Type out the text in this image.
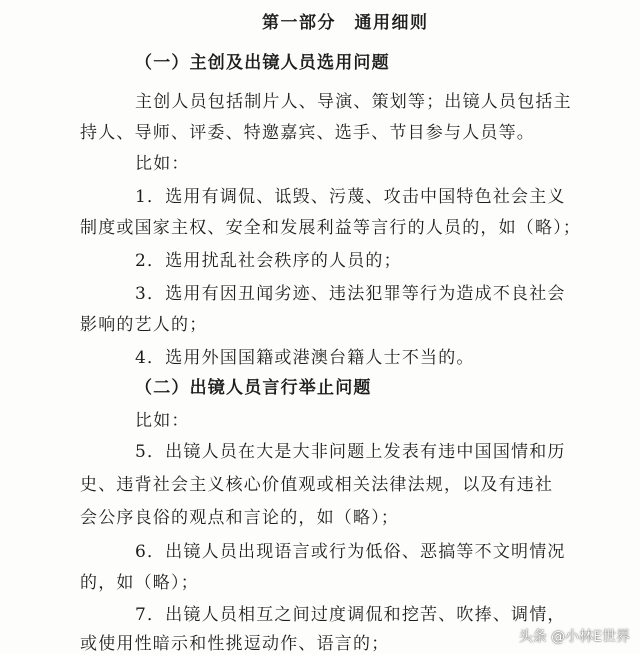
第一部分　通用细则
（一）主创及出镜人员选用问题
主创人员包括制片人、导演、策划等；出镜人员包括主
持人、导师、评委、特邀嘉宾、选手、节目参与人员等。
比如：
1．选用有调侃、诋毁、污蔑、攻击中国特色社会主义
制度或国家主权、安全和发展利益等言行的人员的，如（略）；
2．选用扰乱社会秩序的人员的；
3．选用有因丑闻劣迹、违法犯罪等行为造成不良社会
影响的艺人的；
4．选用外国国籍或港澳台籍人士不当的。
（二）出镜人员言行举止问题
比如：
5．出镜人员在大是大非问题上发表有违中国国情和历
史、违背社会主义核心价值观或相关法律法规，以及有违社
会公序良俗的观点和言论的，如（略）；
6．出镜人员出现语言或行为低俗、恶搞等不文明情况
的，如（略）；
7．出镜人员相互之间过度调侃和挖苦、吹捧、调情，
或使用性暗示和性挑逗动作、语言的；	头条 @小林E世界
